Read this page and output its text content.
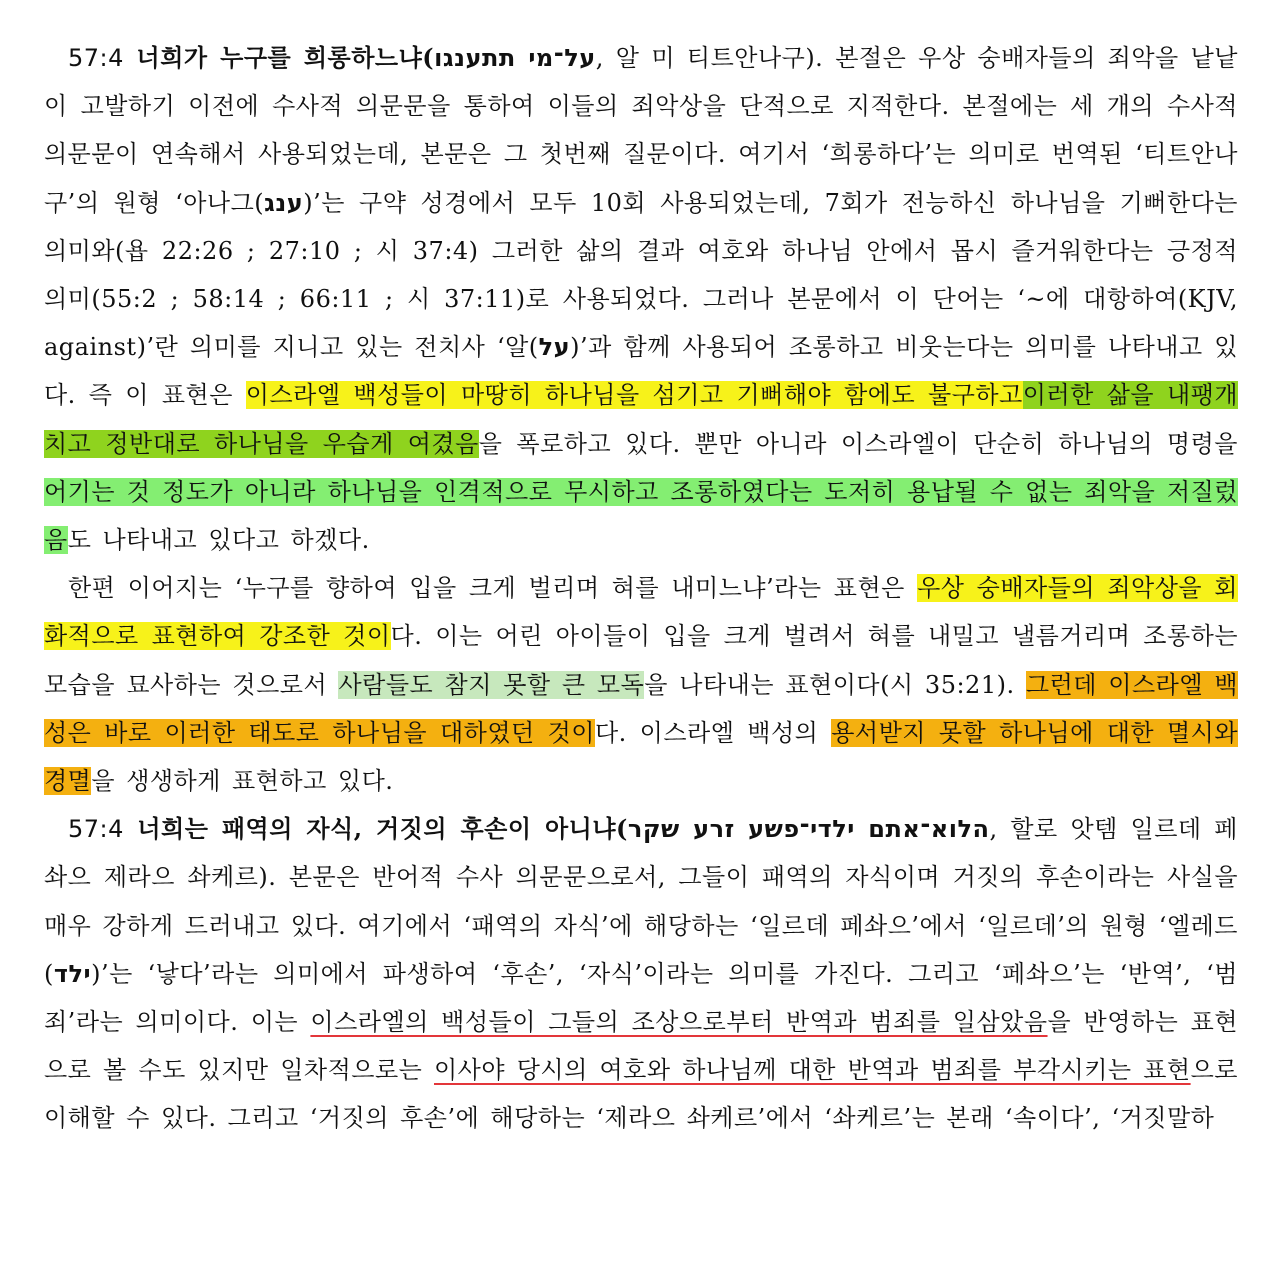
57:4 너희가 누구를 희롱하느냐(על־מי תתענגו, 알 미 티트안나구). 본절은 우상 숭배자들의 죄악을 낱낱이 고발하기 이전에 수사적 의문문을 통하여 이들의 죄악상을 단적으로 지적한다. 본절에는 세 개의 수사적 의문문이 연속해서 사용되었는데, 본문은 그 첫번째 질문이다. 여기서 ‘희롱하다’는 의미로 번역된 ‘티트안나구’의 원형 ‘아나그(ענג)’는 구약 성경에서 모두 10회 사용되었는데, 7회가 전능하신 하나님을 기뻐한다는 의미와(욥 22:26 ; 27:10 ; 시 37:4) 그러한 삶의 결과 여호와 하나님 안에서 몹시 즐거워한다는 긍정적 의미(55:2 ; 58:14 ; 66:11 ; 시 37:11)로 사용되었다. 그러나 본문에서 이 단어는 ‘~에 대항하여(KJV, against)’란 의미를 지니고 있는 전치사 ‘알(על)’과 함께 사용되어 조롱하고 비웃는다는 의미를 나타내고 있다. 즉 이 표현은 이스라엘 백성들이 마땅히 하나님을 섬기고 기뻐해야 함에도 불구하고이러한 삶을 내팽개치고 정반대로 하나님을 우습게 여겼음을 폭로하고 있다. 뿐만 아니라 이스라엘이 단순히 하나님의 명령을 어기는 것 정도가 아니라 하나님을 인격적으로 무시하고 조롱하였다는 도저히 용납될 수 없는 죄악을 저질렀음도 나타내고 있다고 하겠다.

한편 이어지는 ‘누구를 향하여 입을 크게 벌리며 혀를 내미느냐’라는 표현은 우상 숭배자들의 죄악상을 회화적으로 표현하여 강조한 것이다. 이는 어린 아이들이 입을 크게 벌려서 혀를 내밀고 낼름거리며 조롱하는 모습을 묘사하는 것으로서 사람들도 참지 못할 큰 모독을 나타내는 표현이다(시 35:21). 그런데 이스라엘 백성은 바로 이러한 태도로 하나님을 대하였던 것이다. 이스라엘 백성의 용서받지 못할 하나님에 대한 멸시와 경멸을 생생하게 표현하고 있다.

57:4 너희는 패역의 자식, 거짓의 후손이 아니냐(הלוא־אתם ילדי־פשע זרע שקר, 할로 앗템 일르데 페솨으 제라으 솨케르). 본문은 반어적 수사 의문문으로서, 그들이 패역의 자식이며 거짓의 후손이라는 사실을 매우 강하게 드러내고 있다. 여기에서 ‘패역의 자식’에 해당하는 ‘일르데 페솨으’에서 ‘일르데’의 원형 ‘엘레드(ילד)’는 ‘낳다’라는 의미에서 파생하여 ‘후손’, ‘자식’이라는 의미를 가진다. 그리고 ‘페솨으’는 ‘반역’, ‘범죄’라는 의미이다. 이는 이스라엘의 백성들이 그들의 조상으로부터 반역과 범죄를 일삼았음을 반영하는 표현으로 볼 수도 있지만 일차적으로는 이사야 당시의 여호와 하나님께 대한 반역과 범죄를 부각시키는 표현으로 이해할 수 있다. 그리고 ‘거짓의 후손’에 해당하는 ‘제라으 솨케르’에서 ‘솨케르’는 본래 ‘속이다’, ‘거짓말하
